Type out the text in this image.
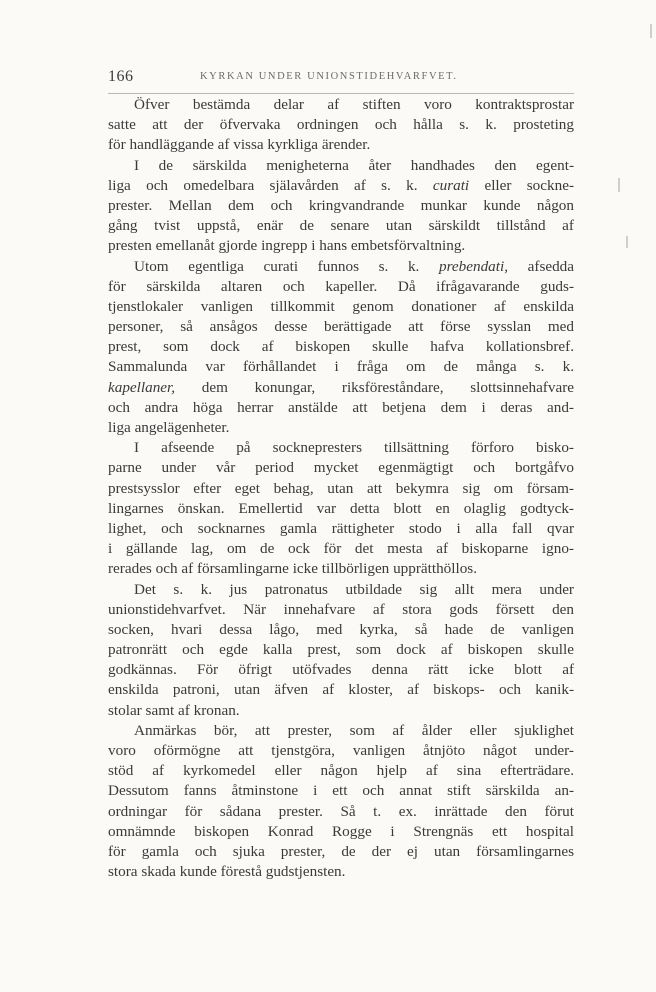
166	KYRKAN UNDER UNIONSTIDEHVARFVET.
Öfver bestämda delar af stiften voro kontraktsprostar
satte att der öfvervaka ordningen och hålla s. k. prosteting
för handläggande af vissa kyrkliga ärender.
I de särskilda menigheterna åter handhades den egent-
liga och omedelbara själavården af s. k. curati eller sockne-
prester. Mellan dem och kringvandrande munkar kunde någon
gång tvist uppstå, enär de senare utan särskildt tillstånd af
presten emellanåt gjorde ingrepp i hans embetsförvaltning.
Utom egentliga curati funnos s. k. prebendati, afsedda
för särskilda altaren och kapeller. Då ifrågavarande guds-
tjenstlokaler vanligen tillkommit genom donationer af enskilda
personer, så ansågos desse berättigade att förse sysslan med
prest, som dock af biskopen skulle hafva kollationsbref.
Sammalunda var förhållandet i fråga om de många s. k.
kapellaner, dem konungar, riksföreståndare, slottsinnehafvare
och andra höga herrar anstälde att betjena dem i deras and-
liga angelägenheter.
I afseende på socknepresters tillsättning förforo bisko-
parne under vår period mycket egenmägtigt och bortgåfvo
prestsysslor efter eget behag, utan att bekymra sig om försam-
lingarnes önskan. Emellertid var detta blott en olaglig godtyck-
lighet, och socknarnes gamla rättigheter stodo i alla fall qvar
i gällande lag, om de ock för det mesta af biskoparne igno-
rerades och af församlingarne icke tillbörligen upprätthöllos.
Det s. k. jus patronatus utbildade sig allt mera under
unionstidehvarfvet. När innehafvare af stora gods försett den
socken, hvari dessa lågo, med kyrka, så hade de vanligen
patronrätt och egde kalla prest, som dock af biskopen skulle
godkännas. För öfrigt utöfvades denna rätt icke blott af
enskilda patroni, utan äfven af kloster, af biskops- och kanik-
stolar samt af kronan.
Anmärkas bör, att prester, som af ålder eller sjuklighet
voro oförmögne att tjenstgöra, vanligen åtnjöto något under-
stöd af kyrkomedel eller någon hjelp af sina efterträdare.
Dessutom fanns åtminstone i ett och annat stift särskilda an-
ordningar för sådana prester. Så t. ex. inrättade den förut
omnämnde biskopen Konrad Rogge i Strengnäs ett hospital
för gamla och sjuka prester, de der ej utan församlingarnes
stora skada kunde förestå gudstjensten.
